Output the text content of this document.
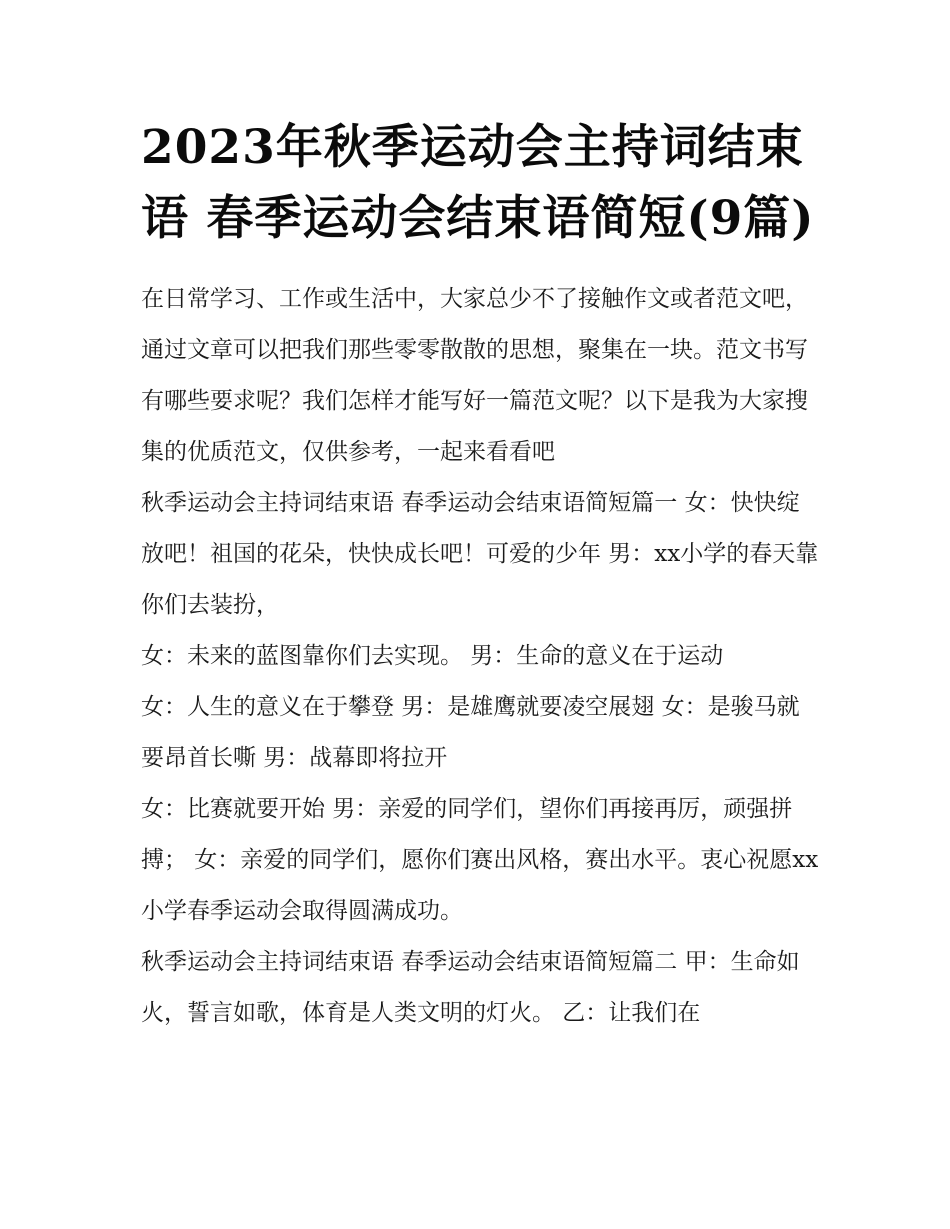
2023年秋季运动会主持词结束语 春季运动会结束语简短(9篇)

在日常学习、工作或生活中，大家总少不了接触作文或者范文吧，通过文章可以把我们那些零零散散的思想，聚集在一块。范文书写有哪些要求呢？我们怎样才能写好一篇范文呢？以下是我为大家搜集的优质范文，仅供参考，一起来看看吧

秋季运动会主持词结束语 春季运动会结束语简短篇一 女：快快绽放吧！祖国的花朵，快快成长吧！可爱的少年 男：xx小学的春天靠你们去装扮，

女：未来的蓝图靠你们去实现。 男：生命的意义在于运动

女：人生的意义在于攀登 男：是雄鹰就要凌空展翅 女：是骏马就要昂首长嘶 男：战幕即将拉开

女：比赛就要开始 男：亲爱的同学们，望你们再接再厉，顽强拼搏； 女：亲爱的同学们，愿你们赛出风格，赛出水平。衷心祝愿xx小学春季运动会取得圆满成功。

秋季运动会主持词结束语 春季运动会结束语简短篇二 甲：生命如火，誓言如歌，体育是人类文明的灯火。 乙：让我们在
